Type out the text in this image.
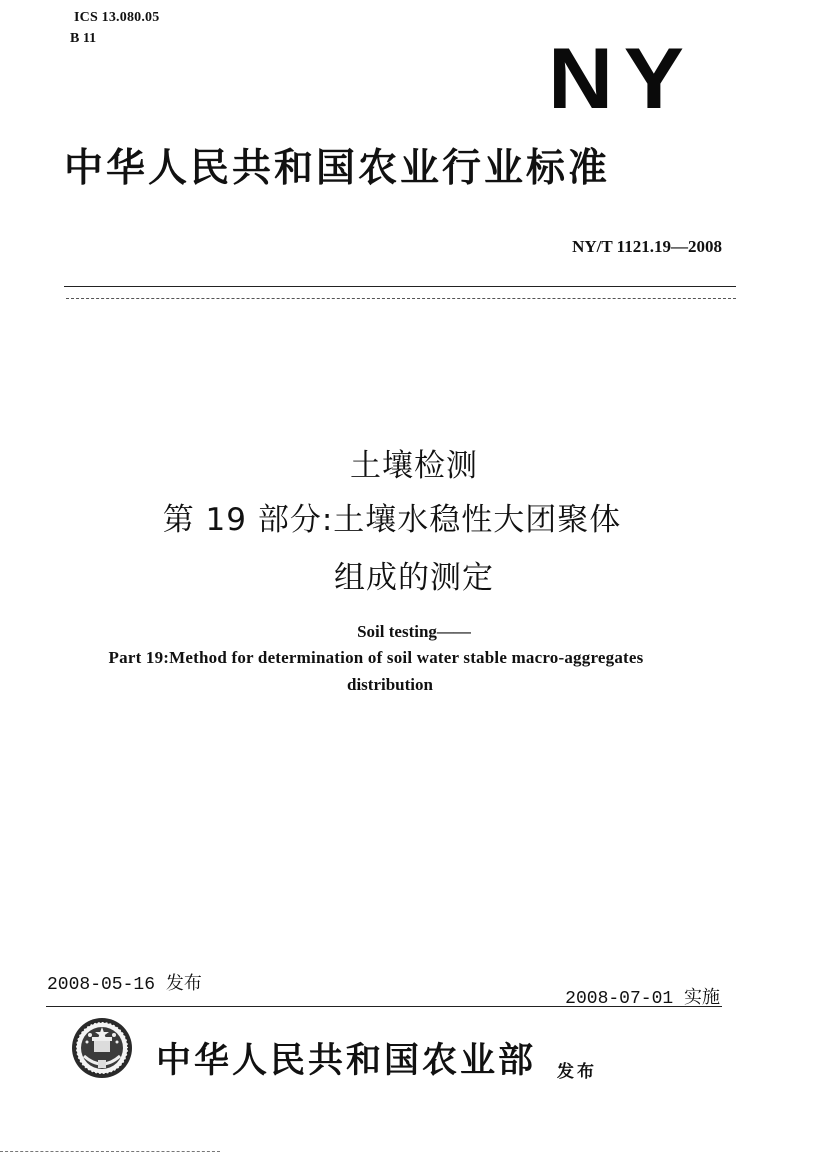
ICS 13.080.05
B 11	NY
中华人民共和国农业行业标准
NY/T 1121.19—2008
土壤检测
第 19 部分:土壤水稳性大团聚体
组成的测定
Soil testing——
Part 19:Method for determination of soil water stable macro-aggregates
distribution
2008-05-16 发布
2008-07-01 实施
中华人民共和国农业部 发布
